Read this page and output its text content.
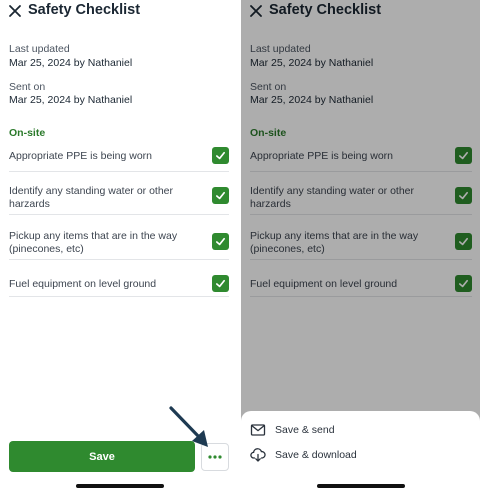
Safety Checklist
Last updated
Mar 25, 2024 by Nathaniel
Sent on
Mar 25, 2024 by Nathaniel
On-site
Appropriate PPE is being worn
Identify any standing water or other harzards
Pickup any items that are in the way (pinecones, etc)
Fuel equipment on level ground
Save
Safety Checklist
Last updated
Mar 25, 2024 by Nathaniel
Sent on
Mar 25, 2024 by Nathaniel
On-site
Appropriate PPE is being worn
Identify any standing water or other harzards
Pickup any items that are in the way (pinecones, etc)
Fuel equipment on level ground
Save & send
Save & download
